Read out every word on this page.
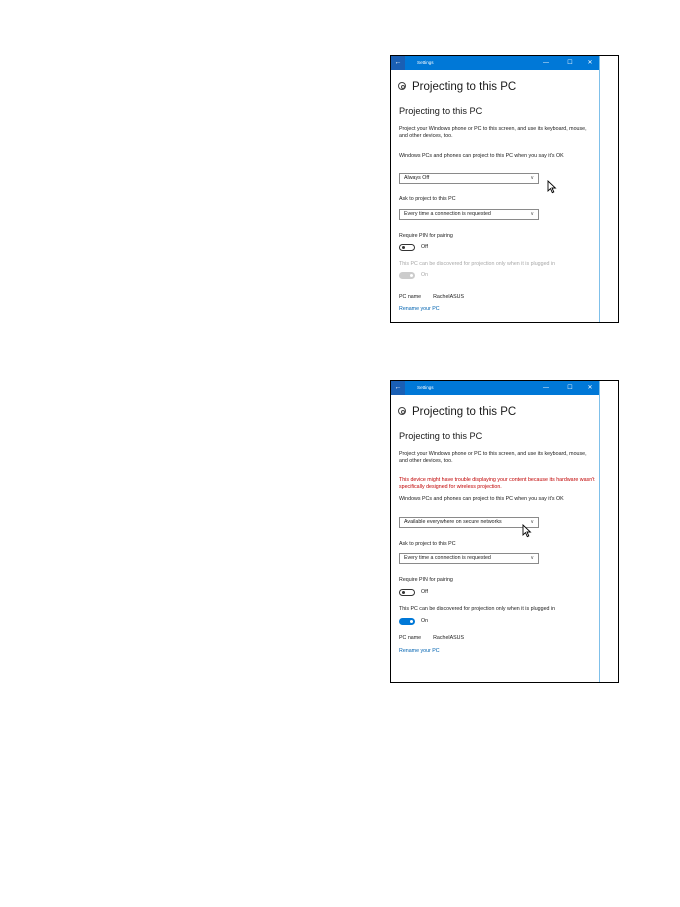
←	Settings	—	☐	✕
Projecting to this PC
Projecting to this PC
Project your Windows phone or PC to this screen, and use its keyboard, mouse, and other devices, too.
Windows PCs and phones can project to this PC when you say it's OK
Always Off	∨
Ask to project to this PC
Every time a connection is requested	∨
Require PIN for pairing
Off
This PC can be discovered for projection only when it is plugged in
On
PC name RachelASUS
Rename your PC
←	Settings	—	☐	✕
Projecting to this PC
Projecting to this PC
Project your Windows phone or PC to this screen, and use its keyboard, mouse, and other devices, too.
This device might have trouble displaying your content because its hardware wasn't specifically designed for wireless projection.
Windows PCs and phones can project to this PC when you say it's OK
Available everywhere on secure networks	∨
Ask to project to this PC
Every time a connection is requested	∨
Require PIN for pairing
Off
This PC can be discovered for projection only when it is plugged in
On
PC name RachelASUS
Rename your PC
